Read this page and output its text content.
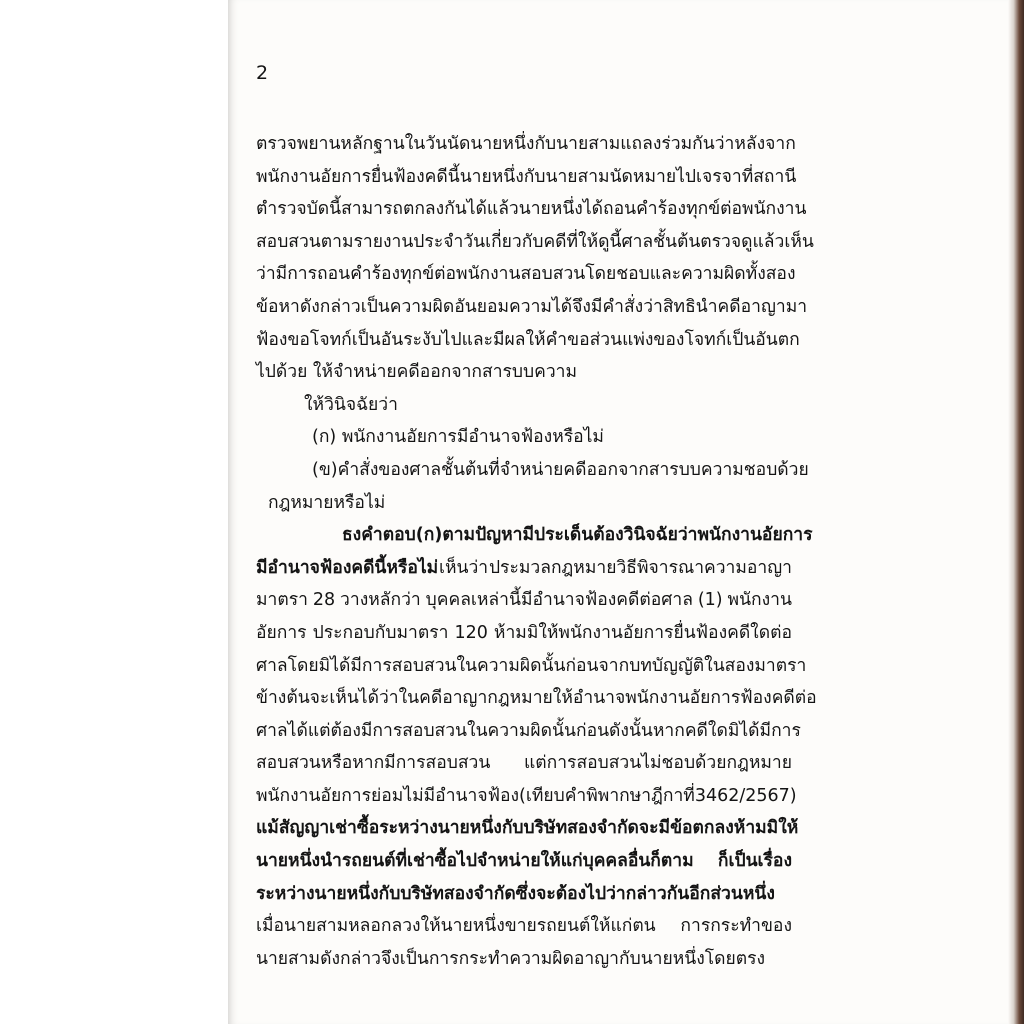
2
ตรวจพยานหลักฐาน ในวันนัดนายหนึ่งกับนายสามแถลงร่วมกันว่าหลังจาก
พนักงานอัยการยื่นฟ้องคดีนี้ นายหนึ่งกับนายสามนัดหมายไปเจรจาที่สถานี
ตำรวจ บัดนี้สามารถตกลงกันได้แล้วนายหนึ่งได้ถอนคำร้องทุกข์ต่อพนักงาน
สอบสวนตามรายงานประจำวันเกี่ยวกับคดีที่ให้ดูนี้ ศาลชั้นต้นตรวจดูแล้วเห็น
ว่ามีการถอนคำร้องทุกข์ต่อพนักงานสอบสวนโดยชอบและความผิดทั้งสอง
ข้อหาดังกล่าวเป็นความผิดอันยอมความได้ จึงมีคำสั่งว่าสิทธินำคดีอาญามา
ฟ้องขอโจทก์เป็นอันระงับไป และมีผลให้คำขอส่วนแพ่งของโจทก์เป็นอันตก
ไปด้วย ให้จำหน่ายคดีออกจากสารบบความ
ให้วินิจฉัยว่า
(ก) พนักงานอัยการมีอำนาจฟ้องหรือไม่
(ข) คำสั่งของศาลชั้นต้นที่จำหน่ายคดีออกจากสารบบความชอบด้วย
กฎหมายหรือไม่
ธงคำตอบ (ก) ตามปัญหามีประเด็นต้องวินิจฉัยว่า พนักงานอัยการ
มีอำนาจฟ้องคดีนี้หรือไม่ เห็นว่า ประมวลกฎหมายวิธีพิจารณาความอาญา
มาตรา 28 วางหลักว่า บุคคลเหล่านี้มีอำนาจฟ้องคดีต่อศาล (1) พนักงาน
อัยการ ประกอบกับมาตรา 120 ห้ามมิให้พนักงานอัยการยื่นฟ้องคดีใดต่อ
ศาลโดยมิได้มีการสอบสวนในความผิดนั้นก่อน จากบทบัญญัติในสองมาตรา
ข้างต้นจะเห็นได้ว่า ในคดีอาญากฎหมายให้อำนาจพนักงานอัยการฟ้องคดีต่อ
ศาลได้ แต่ต้องมีการสอบสวนในความผิดนั้นก่อน ดังนั้น หากคดีใดมิได้มีการ
สอบสวนหรือหากมีการสอบสวน แต่การสอบสวนไม่ชอบด้วยกฎหมาย
พนักงานอัยการย่อมไม่มีอำนาจฟ้อง (เทียบคำพิพากษาฎีกาที่ 3462/2567)
แม้สัญญาเช่าซื้อระหว่างนายหนึ่งกับบริษัทสองจำกัดจะมีข้อตกลงห้ามมิให้
นายหนึ่งนำรถยนต์ที่เช่าซื้อไปจำหน่ายให้แก่บุคคลอื่นก็ตาม ก็เป็นเรื่อง
ระหว่างนายหนึ่งกับบริษัทสองจำกัดซึ่งจะต้องไปว่ากล่าวกันอีกส่วนหนึ่ง
เมื่อนายสามหลอกลวงให้นายหนึ่งขายรถยนต์ให้แก่ตน การกระทำของ
นายสามดังกล่าวจึงเป็นการกระทำความผิดอาญากับนายหนึ่งโดยตรง
